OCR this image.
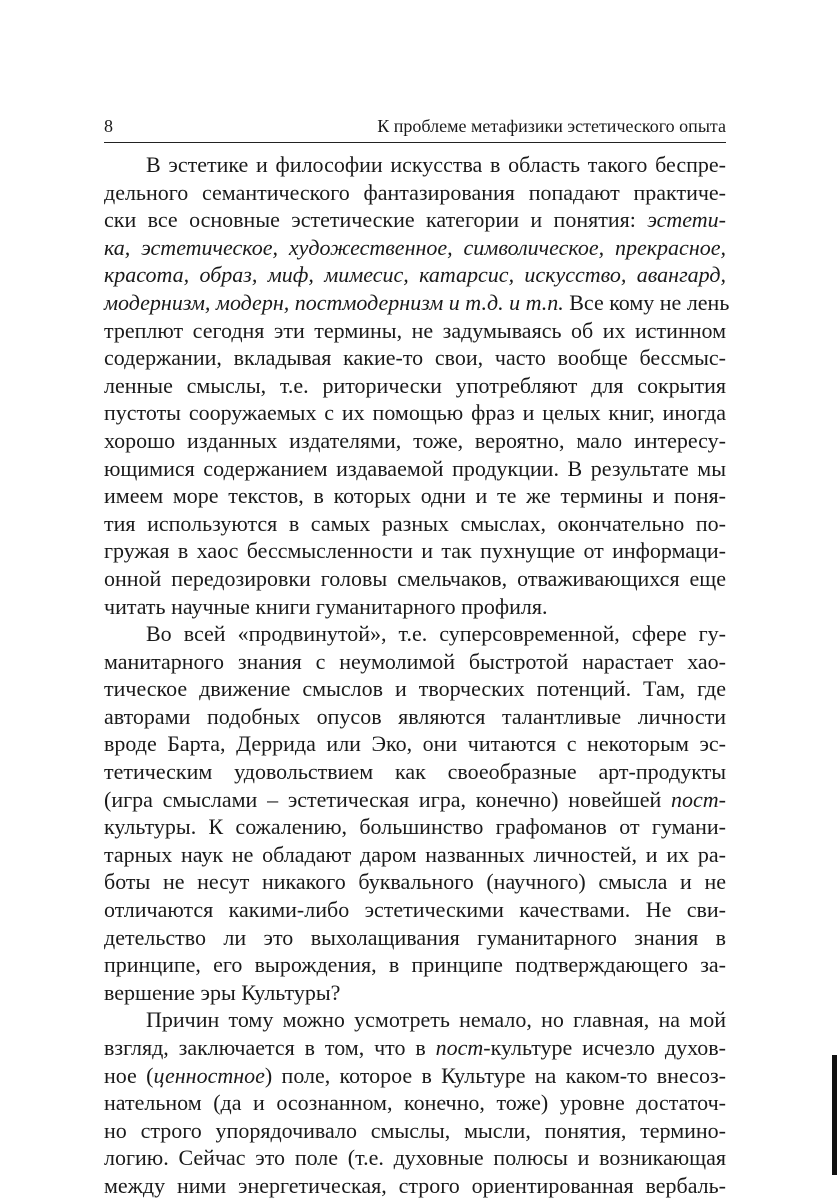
8	К проблеме метафизики эстетического опыта
В эстетике и философии искусства в область такого беспре-
дельного семантического фантазирования попадают практиче-
ски все основные эстетические категории и понятия: эстети-
ка, эстетическое, художественное, символическое, прекрасное,
красота, образ, миф, мимесис, катарсис, искусство, авангард,
модернизм, модерн, постмодернизм и т.д. и т.п. Все кому не лень
треплют сегодня эти термины, не задумываясь об их истинном
содержании, вкладывая какие-то свои, часто вообще бессмыс-
ленные смыслы, т.е. риторически употребляют для сокрытия
пустоты сооружаемых с их помощью фраз и целых книг, иногда
хорошо изданных издателями, тоже, вероятно, мало интересу-
ющимися содержанием издаваемой продукции. В результате мы
имеем море текстов, в которых одни и те же термины и поня-
тия используются в самых разных смыслах, окончательно по-
гружая в хаос бессмысленности и так пухнущие от информаци-
онной передозировки головы смельчаков, отваживающихся еще
читать научные книги гуманитарного профиля.
Во всей «продвинутой», т.е. суперсовременной, сфере гу-
манитарного знания с неумолимой быстротой нарастает хао-
тическое движение смыслов и творческих потенций. Там, где
авторами подобных опусов являются талантливые личности
вроде Барта, Деррида или Эко, они читаются с некоторым эс-
тетическим удовольствием как своеобразные арт-продукты
(игра смыслами – эстетическая игра, конечно) новейшей пост-
культуры. К сожалению, большинство графоманов от гумани-
тарных наук не обладают даром названных личностей, и их ра-
боты не несут никакого буквального (научного) смысла и не
отличаются какими-либо эстетическими качествами. Не сви-
детельство ли это выхолащивания гуманитарного знания в
принципе, его вырождения, в принципе подтверждающего за-
вершение эры Культуры?
Причин тому можно усмотреть немало, но главная, на мой
взгляд, заключается в том, что в пост-культуре исчезло духов-
ное (ценностное) поле, которое в Культуре на каком-то внесоз-
нательном (да и осознанном, конечно, тоже) уровне достаточ-
но строго упорядочивало смыслы, мысли, понятия, термино-
логию. Сейчас это поле (т.е. духовные полюсы и возникающая
между ними энергетическая, строго ориентированная вербаль-
